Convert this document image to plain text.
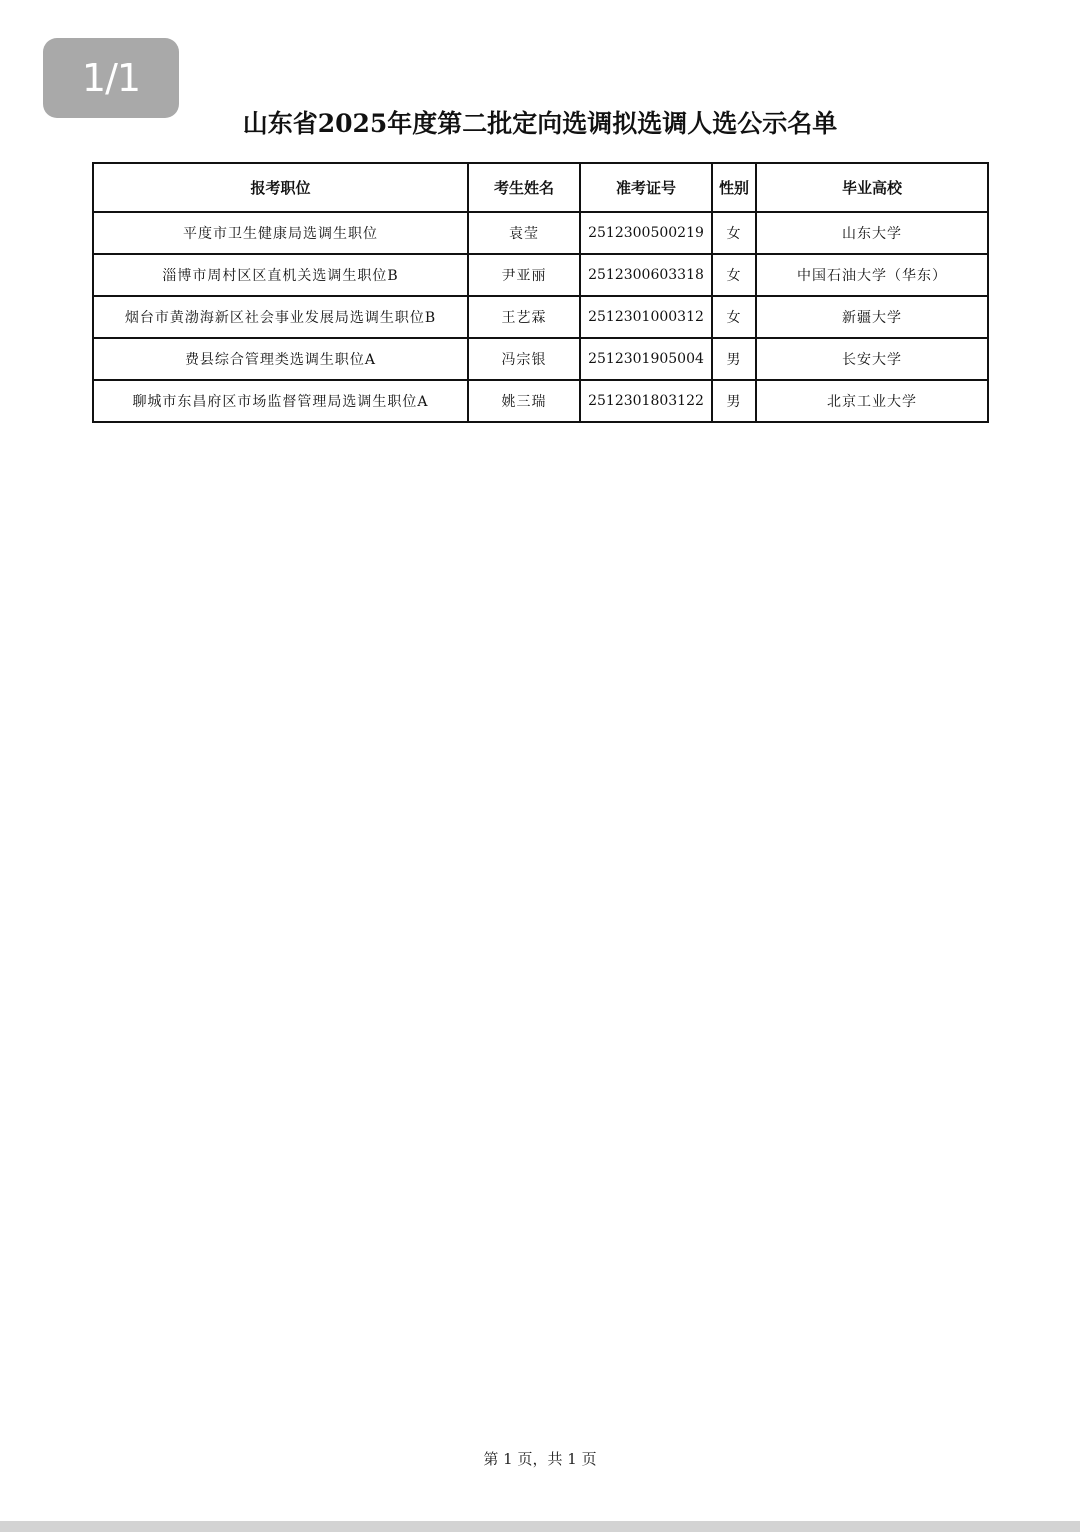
1/1
山东省2025年度第二批定向选调拟选调人选公示名单
报考职位	考生姓名	准考证号	性别	毕业高校
平度市卫生健康局选调生职位	袁莹	2512300500219	女	山东大学
淄博市周村区区直机关选调生职位B	尹亚丽	2512300603318	女	中国石油大学（华东）
烟台市黄渤海新区社会事业发展局选调生职位B	王艺霖	2512301000312	女	新疆大学
费县综合管理类选调生职位A	冯宗银	2512301905004	男	长安大学
聊城市东昌府区市场监督管理局选调生职位A	姚三瑞	2512301803122	男	北京工业大学
第 1 页，共 1 页
